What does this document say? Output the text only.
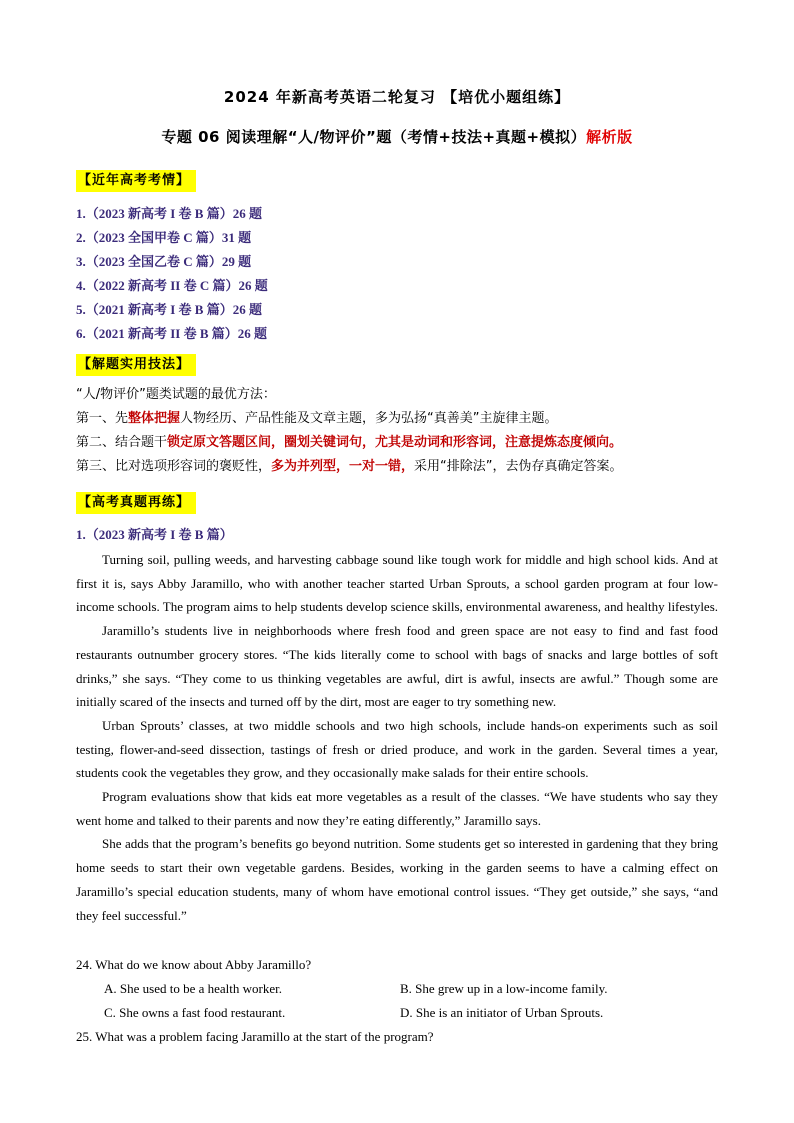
2024 年新高考英语二轮复习 【培优小题组练】
专题 06 阅读理解“人/物评价”题（考情+技法+真题+模拟）解析版
【近年高考考情】
1.（2023 新高考 I 卷 B 篇）26 题
2.（2023 全国甲卷 C 篇）31 题
3.（2023 全国乙卷 C 篇）29 题
4.（2022 新高考 II 卷 C 篇）26 题
5.（2021 新高考 I 卷 B 篇）26 题
6.（2021 新高考 II 卷 B 篇）26 题
【解题实用技法】

“人/物评价”题类试题的最优方法：

第一、先整体把握人物经历、产品性能及文章主题，多为弘扬“真善美”主旋律主题。

第二、结合题干锁定原文答题区间，圈划关键词句，尤其是动词和形容词，注意提炼态度倾向。

第三、比对选项形容词的褒贬性，多为并列型，一对一错，采用“排除法”，去伪存真确定答案。

【高考真题再练】
1.（2023 新高考 I 卷 B 篇）

Turning soil, pulling weeds, and harvesting cabbage sound like tough work for middle and high school kids. And at first it is, says Abby Jaramillo, who with another teacher started Urban Sprouts, a school garden program at four low-income schools. The program aims to help students develop science skills, environmental awareness, and healthy lifestyles.

Jaramillo’s students live in neighborhoods where fresh food and green space are not easy to find and fast food restaurants outnumber grocery stores. “The kids literally come to school with bags of snacks and large bottles of soft drinks,” she says. “They come to us thinking vegetables are awful, dirt is awful, insects are awful.” Though some are initially scared of the insects and turned off by the dirt, most are eager to try something new.

Urban Sprouts’ classes, at two middle schools and two high schools, include hands-on experiments such as soil testing, flower-and-seed dissection, tastings of fresh or dried produce, and work in the garden. Several times a year, students cook the vegetables they grow, and they occasionally make salads for their entire schools.

Program evaluations show that kids eat more vegetables as a result of the classes. “We have students who say they went home and talked to their parents and now they’re eating differently,” Jaramillo says.

She adds that the program’s benefits go beyond nutrition. Some students get so interested in gardening that they bring home seeds to start their own vegetable gardens. Besides, working in the garden seems to have a calming effect on Jaramillo’s special education students, many of whom have emotional control issues. “They get outside,” she says, “and they feel successful.”

24. What do we know about Abby Jaramillo?
A. She used to be a health worker.	B. She grew up in a low-income family.
C. She owns a fast food restaurant.	D. She is an initiator of Urban Sprouts.
25. What was a problem facing Jaramillo at the start of the program?
